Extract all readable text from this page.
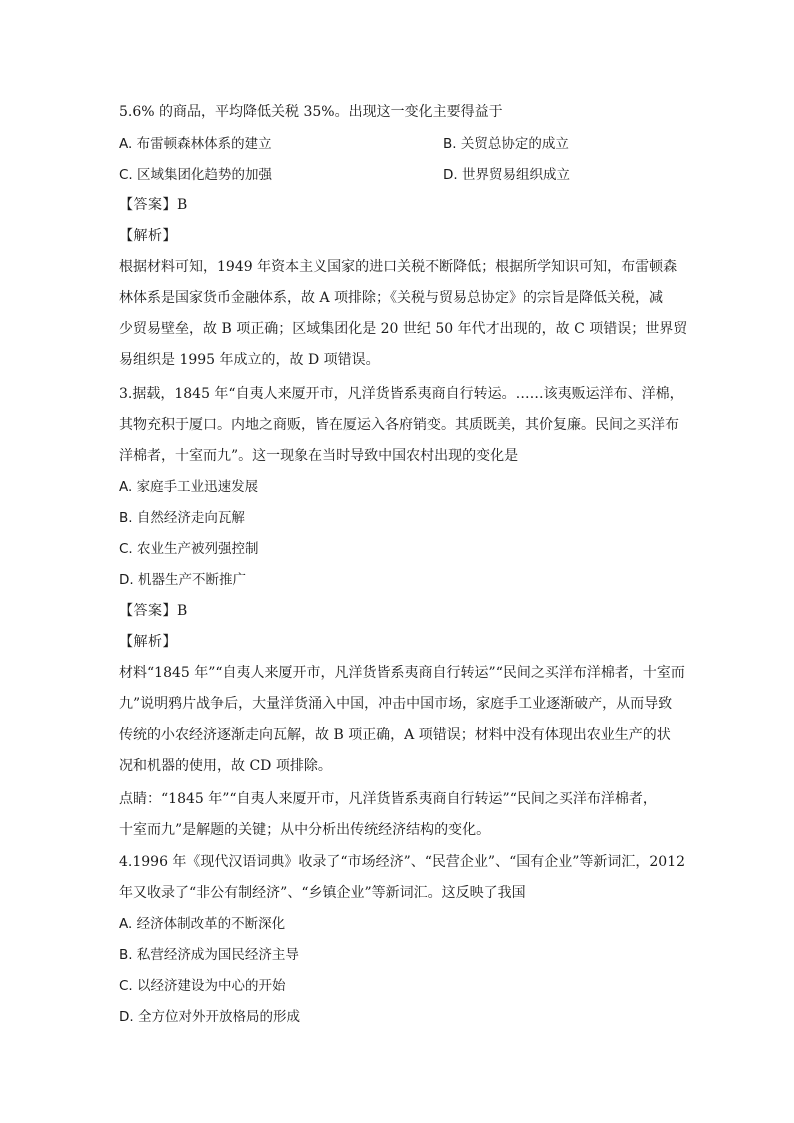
5.6% 的商品，平均降低关税 35%。出现这一变化主要得益于
A. 布雷顿森林体系的建立	B. 关贸总协定的成立
C. 区域集团化趋势的加强	D. 世界贸易组织成立
【答案】B
【解析】
根据材料可知，1949 年资本主义国家的进口关税不断降低；根据所学知识可知，布雷顿森
林体系是国家货币金融体系，故 A 项排除；《关税与贸易总协定》的宗旨是降低关税，减
少贸易壁垒，故 B 项正确；区域集团化是 20 世纪 50 年代才出现的，故 C 项错误；世界贸
易组织是 1995 年成立的，故 D 项错误。
3.据载，1845 年“自夷人来厦开市，凡洋货皆系夷商自行转运。……该夷贩运洋布、洋棉，
其物充积于厦口。内地之商贩，皆在厦运入各府销变。其质既美，其价复廉。民间之买洋布
洋棉者，十室而九”。这一现象在当时导致中国农村出现的变化是
A. 家庭手工业迅速发展
B. 自然经济走向瓦解
C. 农业生产被列强控制
D. 机器生产不断推广
【答案】B
【解析】
材料“1845 年”“自夷人来厦开市，凡洋货皆系夷商自行转运”“民间之买洋布洋棉者，十室而
九”说明鸦片战争后，大量洋货涌入中国，冲击中国市场，家庭手工业逐渐破产，从而导致
传统的小农经济逐渐走向瓦解，故 B 项正确，A 项错误；材料中没有体现出农业生产的状
况和机器的使用，故 CD 项排除。
点睛：“1845 年”“自夷人来厦开市，凡洋货皆系夷商自行转运”“民间之买洋布洋棉者，
十室而九”是解题的关键；从中分析出传统经济结构的变化。
4.1996 年《现代汉语词典》收录了“市场经济”、“民营企业”、“国有企业”等新词汇，2012
年又收录了“非公有制经济”、“乡镇企业”等新词汇。这反映了我国
A. 经济体制改革的不断深化
B. 私营经济成为国民经济主导
C. 以经济建设为中心的开始
D. 全方位对外开放格局的形成
